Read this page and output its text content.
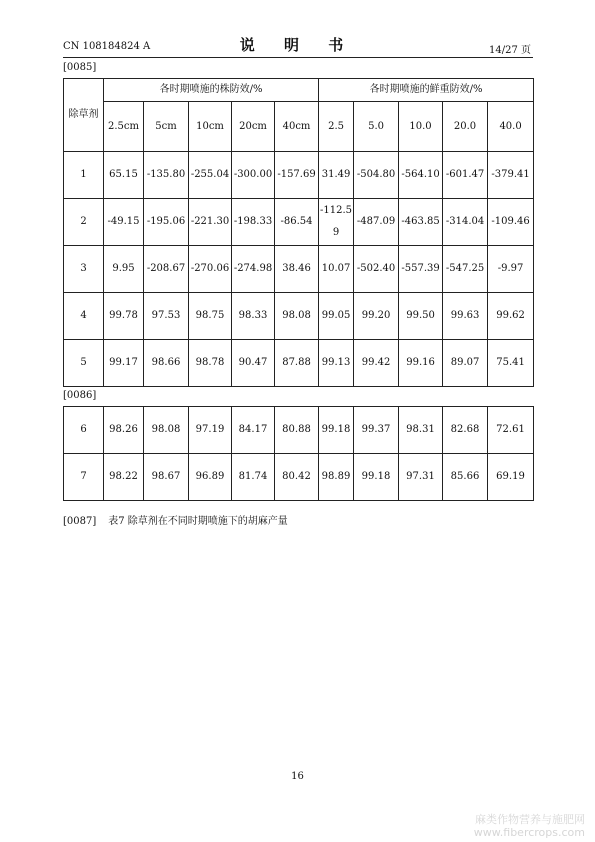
CN 108184824 A	说 明 书	14/27 页
[0085]
除草剂	各时期喷施的株防效/%					各时期喷施的鲜重防效/%				
	2.5cm	5cm	10cm	20cm	40cm	2.5	5.0	10.0	20.0	40.0
1	65.15	-135.80	-255.04	-300.00	-157.69	31.49	-504.80	-564.10	-601.47	-379.41
2	-49.15	-195.06	-221.30	-198.33	-86.54	-112.59	-487.09	-463.85	-314.04	-109.46
3	9.95	-208.67	-270.06	-274.98	38.46	10.07	-502.40	-557.39	-547.25	-9.97
4	99.78	97.53	98.75	98.33	98.08	99.05	99.20	99.50	99.63	99.62
5	99.17	98.66	98.78	90.47	87.88	99.13	99.42	99.16	89.07	75.41
[0086]
6	98.26	98.08	97.19	84.17	80.88	99.18	99.37	98.31	82.68	72.61
7	98.22	98.67	96.89	81.74	80.42	98.89	99.18	97.31	85.66	69.19
[0087] 表7 除草剂在不同时期喷施下的胡麻产量
16
麻类作物营养与施肥网
www.fibercrops.com
